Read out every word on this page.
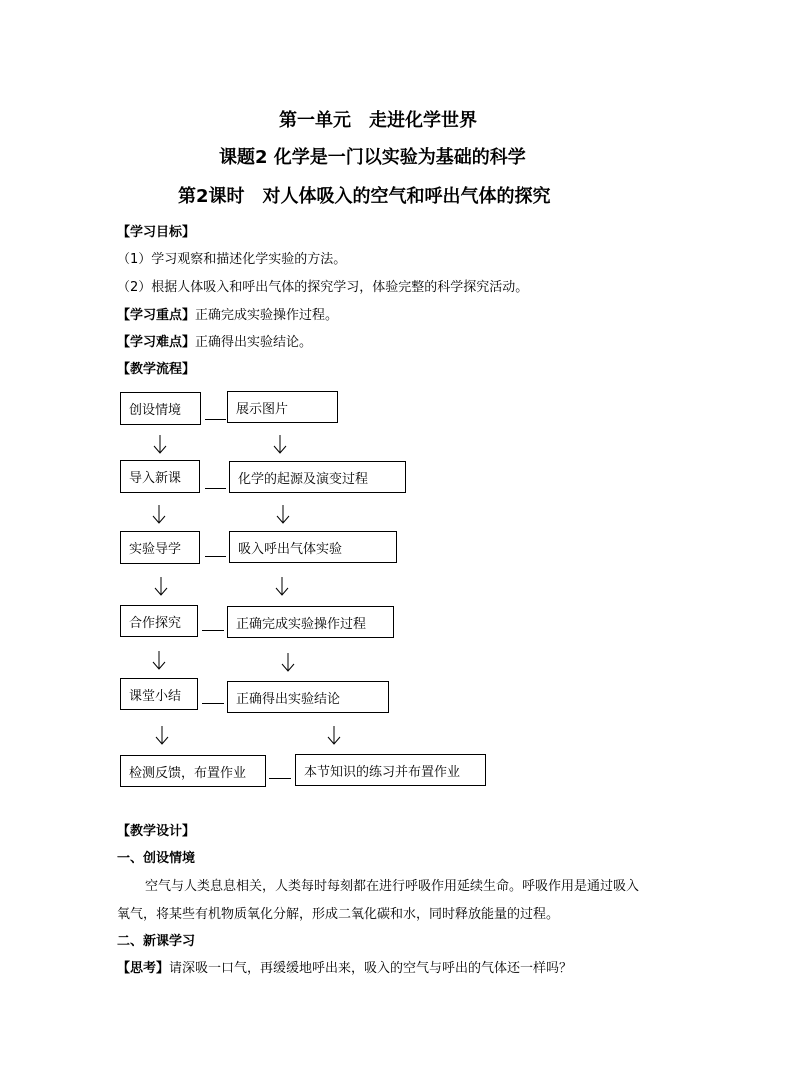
第一单元　走进化学世界
课题2 化学是一门以实验为基础的科学
第2课时　对人体吸入的空气和呼出气体的探究
【学习目标】
（1）学习观察和描述化学实验的方法。
（2）根据人体吸入和呼出气体的探究学习，体验完整的科学探究活动。
【学习重点】正确完成实验操作过程。
【学习难点】正确得出实验结论。
【教学流程】
创设情境	展示图片
导入新课	化学的起源及演变过程
实验导学	吸入呼出气体实验
合作探究	正确完成实验操作过程
课堂小结	正确得出实验结论
检测反馈，布置作业	本节知识的练习并布置作业
【教学设计】
一、创设情境
空气与人类息息相关，人类每时每刻都在进行呼吸作用延续生命。呼吸作用是通过吸入
氧气，将某些有机物质氧化分解，形成二氧化碳和水，同时释放能量的过程。
二、新课学习
【思考】请深吸一口气，再缓缓地呼出来，吸入的空气与呼出的气体还一样吗？
